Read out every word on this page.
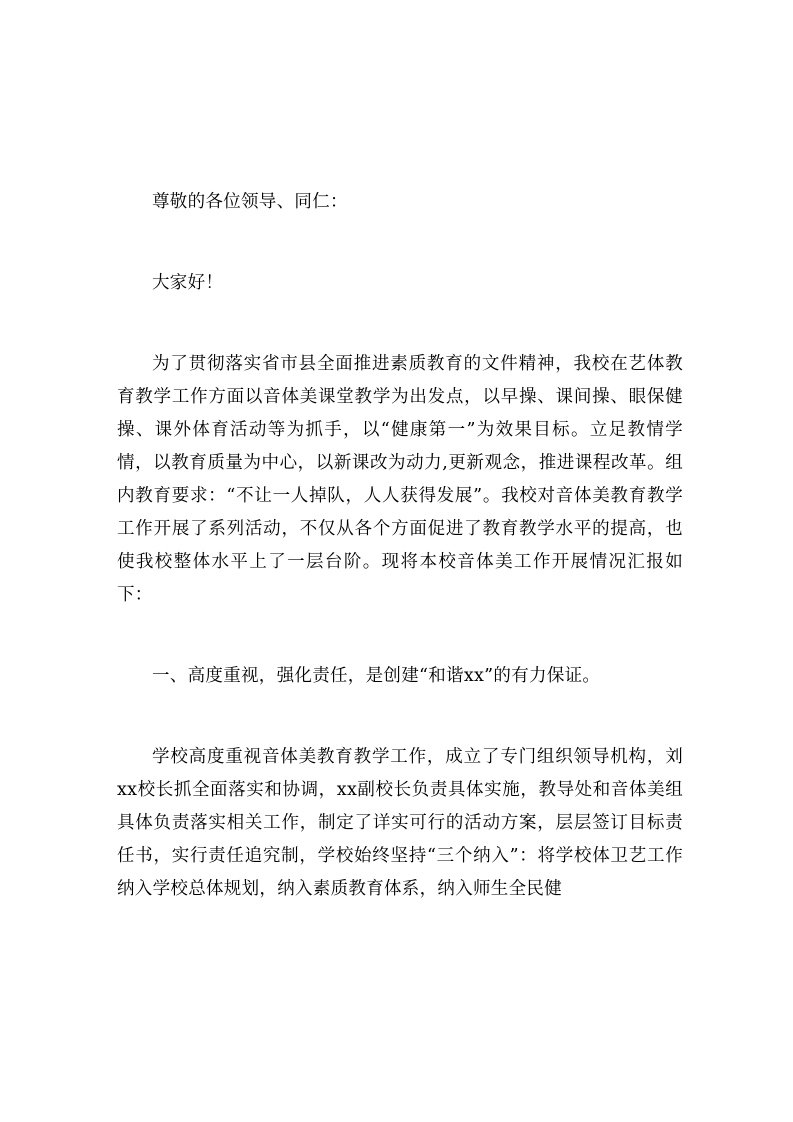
尊敬的各位领导、同仁：

大家好！

为了贯彻落实省市县全面推进素质教育的文件精神，我校在艺体教育教学工作方面以音体美课堂教学为出发点，以早操、课间操、眼保健操、课外体育活动等为抓手，以“健康第一”为效果目标。立足教情学情，以教育质量为中心，以新课改为动力,更新观念，推进课程改革。组内教育要求：“不让一人掉队，人人获得发展”。我校对音体美教育教学工作开展了系列活动，不仅从各个方面促进了教育教学水平的提高，也使我校整体水平上了一层台阶。现将本校音体美工作开展情况汇报如下：

一、高度重视，强化责任，是创建“和谐xx”的有力保证。

学校高度重视音体美教育教学工作，成立了专门组织领导机构，刘xx校长抓全面落实和协调，xx副校长负责具体实施，教导处和音体美组具体负责落实相关工作，制定了详实可行的活动方案，层层签订目标责任书，实行责任追究制，学校始终坚持“三个纳入”：将学校体卫艺工作纳入学校总体规划，纳入素质教育体系，纳入师生全民健
